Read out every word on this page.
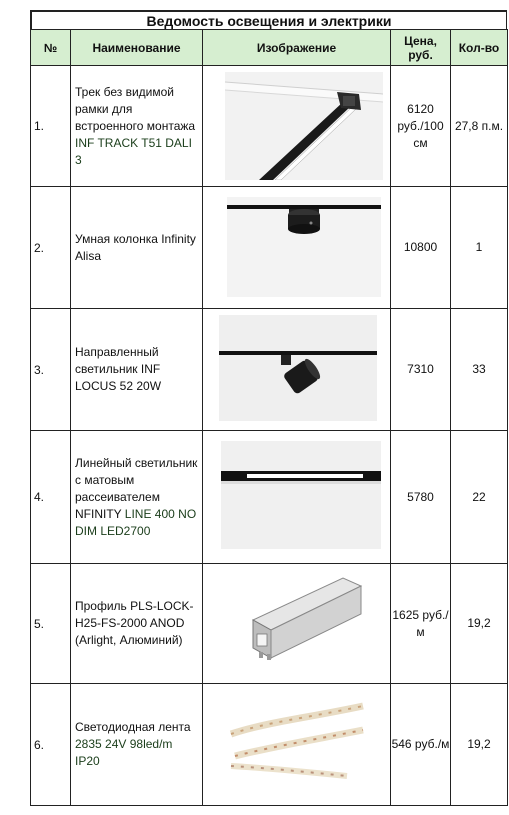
Ведомость освещения и электрики
№	Наименование	Изображение	Цена, руб.	Кол-во
1.	Трек без видимой рамки для встроенного монтажа INF TRACK T51 DALI 3		6120 руб./100 см	27,8 п.м.
2.	Умная колонка Infinity Alisa		10800	1
3.	Направленный светильник INF LOCUS 52 20W		7310	33
4.	Линейный светильник с матовым рассеивателем NFINITY LINE 400 NO DIM LED2700		5780	22
5.	Профиль PLS-LOCK-H25-FS-2000 ANOD (Arlight, Алюминий)		1625 руб./м	19,2
6.	Светодиодная лента 2835 24V 98led/m IP20		546 руб./м	19,2
